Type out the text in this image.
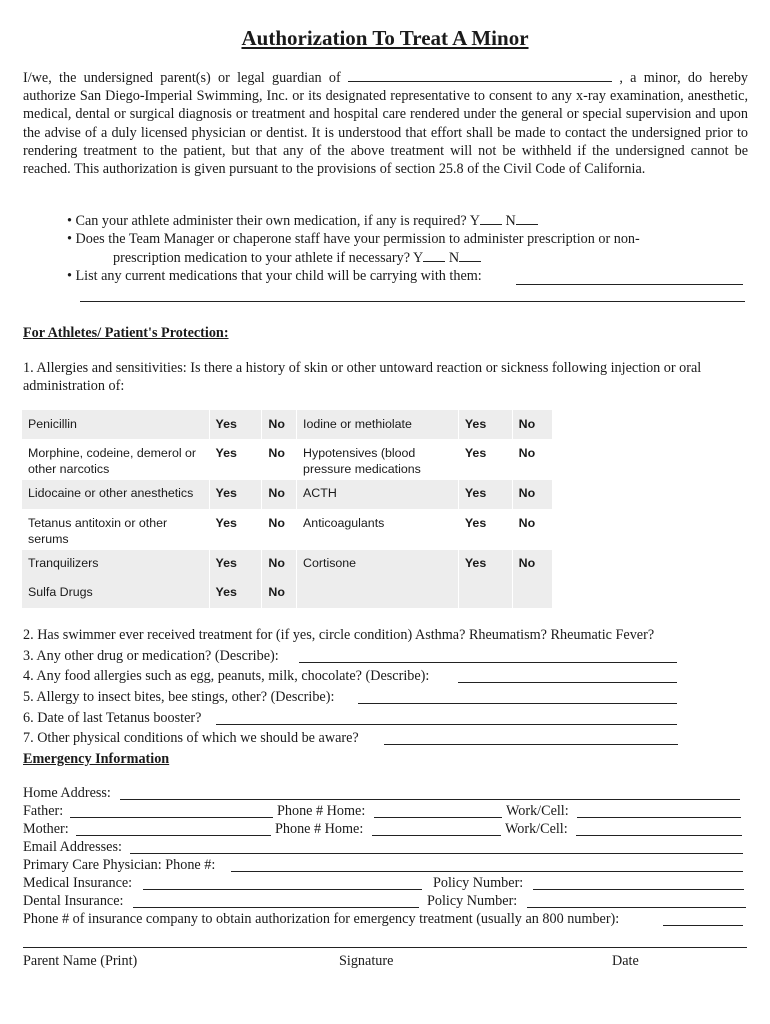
Authorization To Treat A Minor
I/we, the undersigned parent(s) or legal guardian of	, a minor, do hereby authorize San Diego-Imperial Swimming, Inc. or its designated representative to consent to any x-ray examination, anesthetic, medical, dental or surgical diagnosis or treatment and hospital care rendered under the general or special supervision and upon the advise of a duly licensed physician or dentist. It is understood that effort shall be made to contact the undersigned prior to rendering treatment to the patient, but that any of the above treatment will not be withheld if the undersigned cannot be reached. This authorization is given pursuant to the provisions of section 25.8 of the Civil Code of California.
• Can your athlete administer their own medication, if any is required? Y N
• Does the Team Manager or chaperone staff have your permission to administer prescription or non-
prescription medication to your athlete if necessary? Y N
• List any current medications that your child will be carrying with them:
For Athletes/ Patient's Protection:
1. Allergies and sensitivities: Is there a history of skin or other untoward reaction or sickness following injection or oral administration of:
Penicillin	Yes	No	Iodine or methiolate	Yes	No
Morphine, codeine, demerol or other narcotics	Yes	No	Hypotensives (blood pressure medications	Yes	No
Lidocaine or other anesthetics	Yes	No	ACTH	Yes	No
Tetanus antitoxin or other serums	Yes	No	Anticoagulants	Yes	No
Tranquilizers	Yes	No	Cortisone	Yes	No
Sulfa Drugs	Yes	No			
2. Has swimmer ever received treatment for (if yes, circle condition) Asthma? Rheumatism? Rheumatic Fever?
3. Any other drug or medication? (Describe):
4. Any food allergies such as egg, peanuts, milk, chocolate? (Describe):
5. Allergy to insect bites, bee stings, other? (Describe):
6. Date of last Tetanus booster?
7. Other physical conditions of which we should be aware?
Emergency Information
Home Address:
Father:	Phone # Home:	Work/Cell:
Mother:	Phone # Home:	Work/Cell:
Email Addresses:
Primary Care Physician: Phone #:
Medical Insurance:	Policy Number:
Dental Insurance:	Policy Number:
Phone # of insurance company to obtain authorization for emergency treatment (usually an 800 number):
Parent Name (Print)	Signature	Date
